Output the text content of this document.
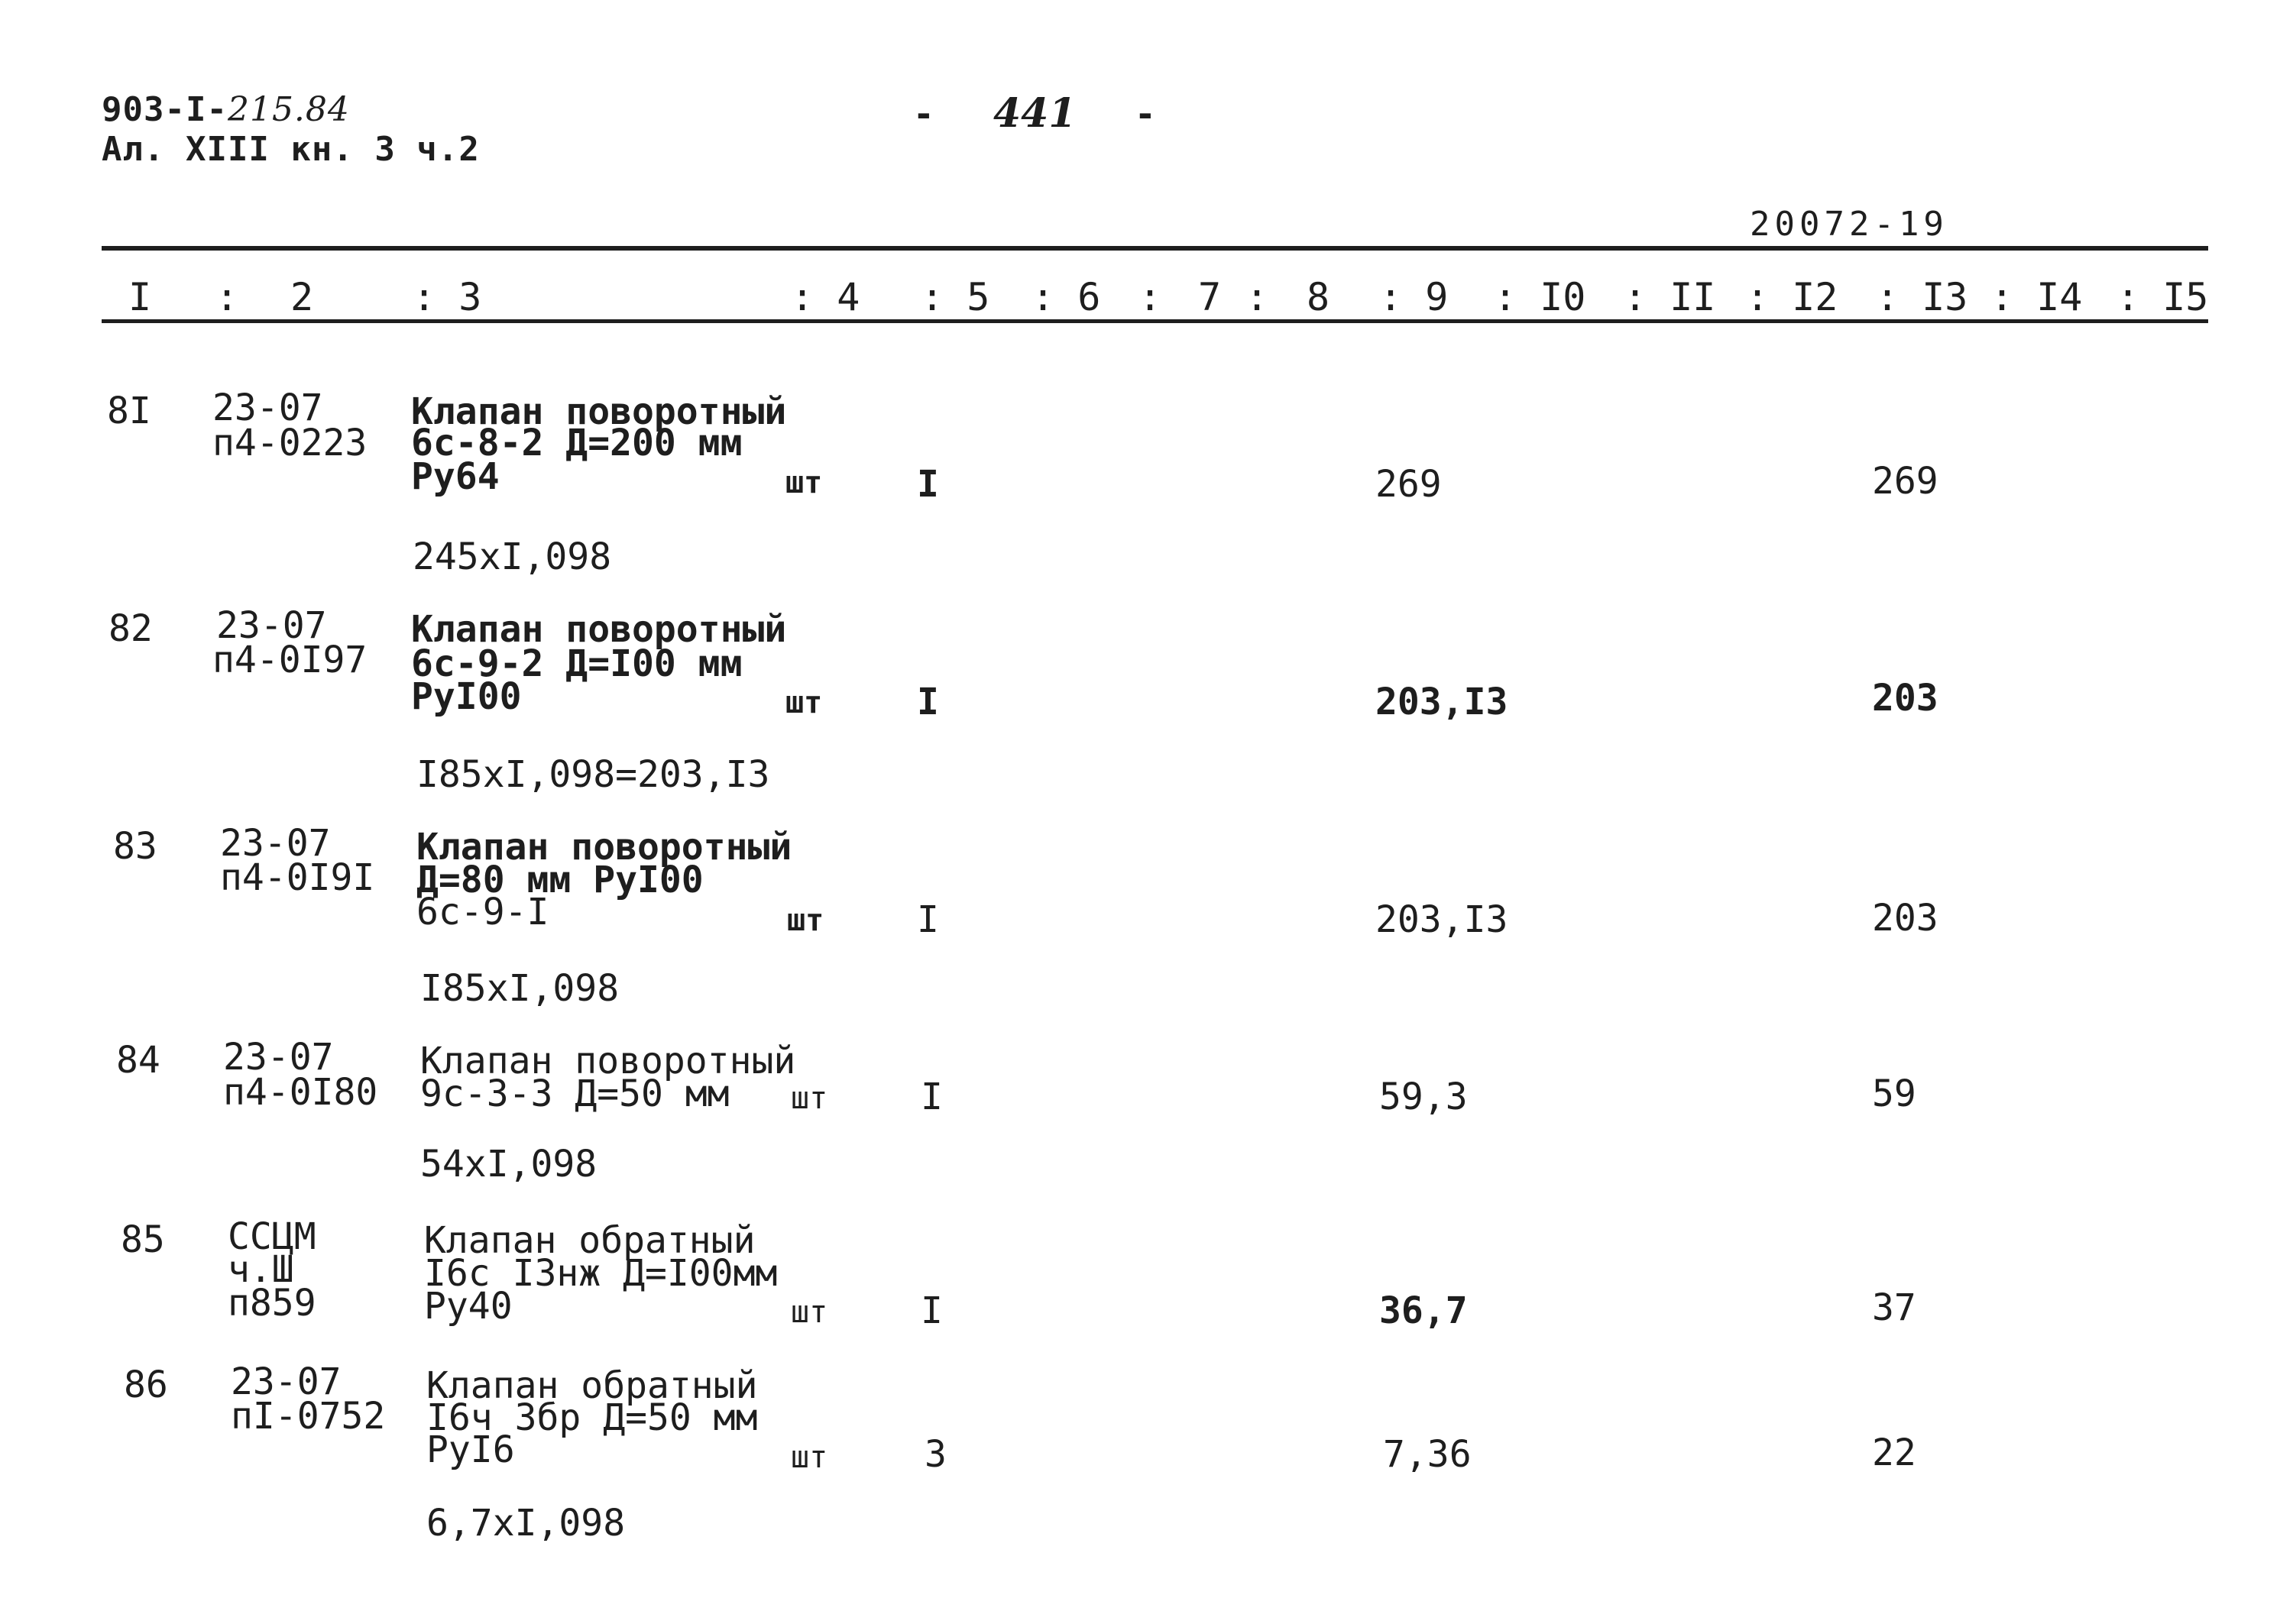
903-I-215.84
Ал. XIII кн. 3 ч.2
- 441 -
20072-19
I : 2	: 3	: 4 : 5 : 6 : 7 : 8 : 9 : I0 : II : I2 : I3 : I4 : I5
8I 23-07
п4-0223
Клапан поворотный
6с-8-2 Д=200 мм
Ру64	шт	I	269	269
245xI,098
82 23-07
п4-0I97
Клапан поворотный
6с-9-2 Д=I00 мм
РуI00	шт	I	203,I3	203
I85xI,098=203,I3
83 23-07
п4-0I9I
Клапан поворотный
Д=80 мм РуI00
6с-9-I	шт	I	203,I3	203
I85xI,098
84 23-07
п4-0I80
Клапан поворотный
9с-3-3 Д=50 мм шт	I	59,3	59
54xI,098
85 ССЦМ
ч.Ш
п859
Клапан обратный
I6с I3нж Д=I00мм
Ру40	шт	I	36,7	37
86 23-07
пI-0752
Клапан обратный
I6ч 3бр Д=50 мм
РуI6	шт	3	7,36	22
6,7xI,098
